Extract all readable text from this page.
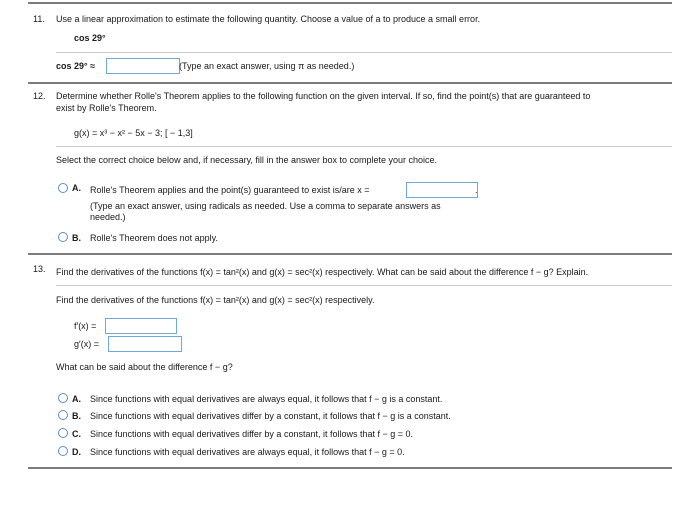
11. Use a linear approximation to estimate the following quantity. Choose a value of a to produce a small error.
cos 29°
cos 29° ≈	(Type an exact answer, using π as needed.)
12. Determine whether Rolle's Theorem applies to the following function on the given interval. If so, find the point(s) that are guaranteed to
exist by Rolle's Theorem.
g(x) = x³ − x² − 5x − 3; [ − 1,3]
Select the correct choice below and, if necessary, fill in the answer box to complete your choice.
A. Rolle's Theorem applies and the point(s) guaranteed to exist is/are x =	.
(Type an exact answer, using radicals as needed. Use a comma to separate answers as
needed.)
B. Rolle's Theorem does not apply.
13. Find the derivatives of the functions f(x) = tan²(x) and g(x) = sec²(x) respectively. What can be said about the difference f − g? Explain.
Find the derivatives of the functions f(x) = tan²(x) and g(x) = sec²(x) respectively.
f′(x) =
g′(x) =
What can be said about the difference f − g?
A. Since functions with equal derivatives are always equal, it follows that f − g is a constant.
B. Since functions with equal derivatives differ by a constant, it follows that f − g is a constant.
C. Since functions with equal derivatives differ by a constant, it follows that f − g = 0.
D. Since functions with equal derivatives are always equal, it follows that f − g = 0.
